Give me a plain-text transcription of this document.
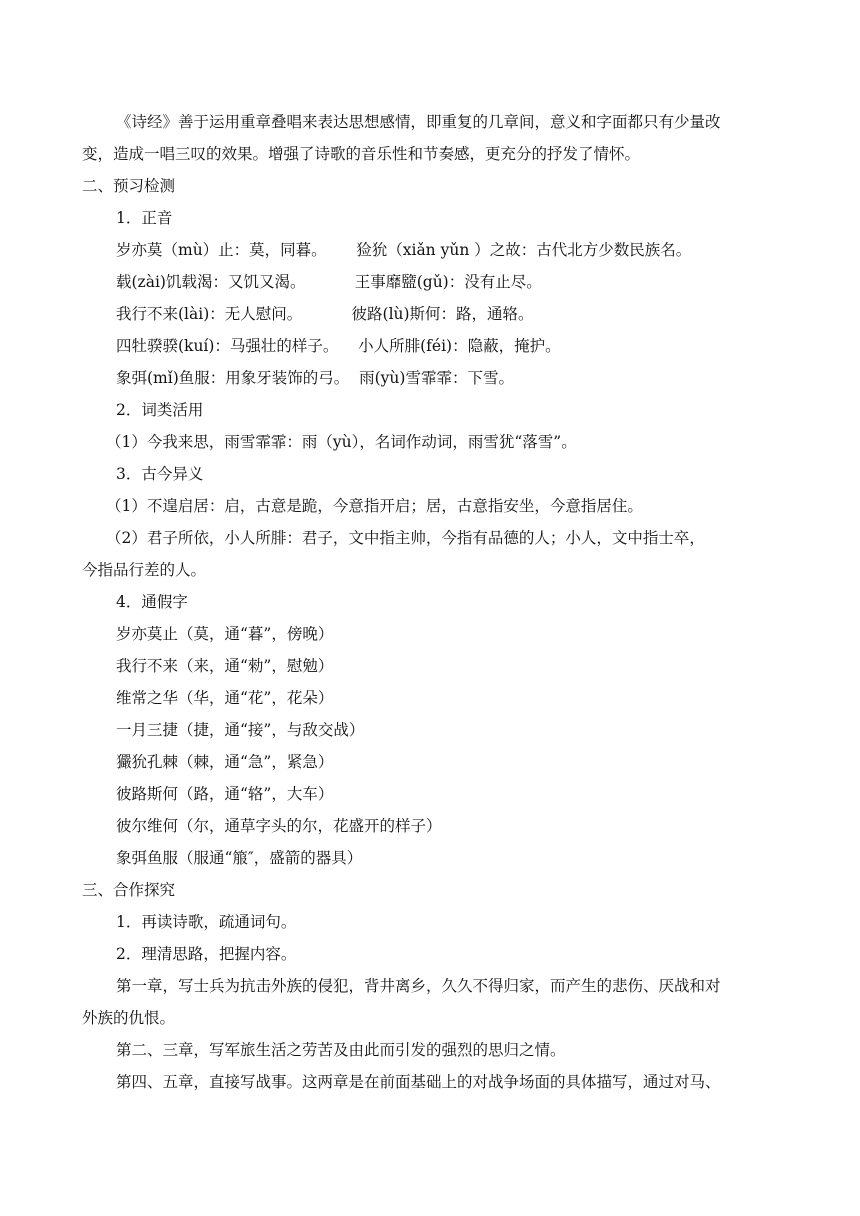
《诗经》善于运用重章叠唱来表达思想感情，即重复的几章间，意义和字面都只有少量改
变，造成一唱三叹的效果。增强了诗歌的音乐性和节奏感，更充分的抒发了情怀。
二、预习检测
1．正音
岁亦莫（mù）止：莫，同暮。      猃狁（xiǎn yǔn ）之故：古代北方少数民族名。
载(zài)饥载渴：又饥又渴。          王事靡盬(gǔ)：没有止尽。
我行不来(lài)：无人慰问。          彼路(lù)斯何：路，通辂。
四牡骙骙(kuí)：马强壮的样子。    小人所腓(féi)：隐蔽，掩护。
象弭(mǐ)鱼服：用象牙装饰的弓。  雨(yù)雪霏霏：下雪。
2．词类活用
（1）今我来思，雨雪霏霏：雨（yù），名词作动词，雨雪犹“落雪”。
3．古今异义
（1）不遑启居：启，古意是跪，今意指开启；居，古意指安坐，今意指居住。
（2）君子所依，小人所腓：君子，文中指主帅，今指有品德的人；小人，文中指士卒，
今指品行差的人。
4．通假字
岁亦莫止（莫，通“暮”，傍晚）
我行不来（来，通“勑”，慰勉）
维常之华（华，通“花”，花朵）
一月三捷（捷，通“接”，与敌交战）
玁狁孔棘（棘，通“急”，紧急）
彼路斯何（路，通“辂”，大车）
彼尔维何（尔，通草字头的尔，花盛开的样子）
象弭鱼服（服通“箙″，盛箭的器具）
三、合作探究
1．再读诗歌，疏通词句。
2．理清思路，把握内容。
第一章，写士兵为抗击外族的侵犯，背井离乡，久久不得归家，而产生的悲伤、厌战和对
外族的仇恨。
第二、三章，写军旅生活之劳苦及由此而引发的强烈的思归之情。
第四、五章，直接写战事。这两章是在前面基础上的对战争场面的具体描写，通过对马、
